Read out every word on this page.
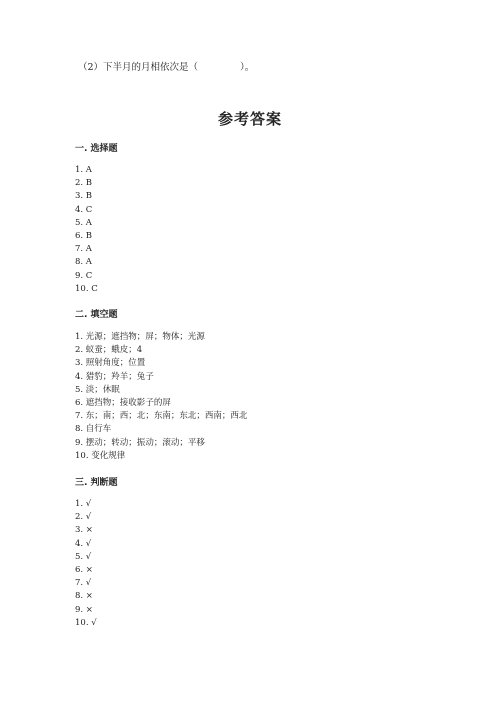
（2）下半月的月相依次是（	）。
参考答案
一. 选择题
1. A
2. B
3. B
4. C
5. A
6. B
7. A
8. A
9. C
10. C
二. 填空题
1. 光源；遮挡物；屏；物体；光源
2. 蚁蚕；蛾皮；4
3. 照射角度；位置
4. 猎豹；羚羊；兔子
5. 淡；休眠
6. 遮挡物；接收影子的屏
7. 东；南；西；北；东南；东北；西南；西北
8. 自行车
9. 摆动；转动；振动；滚动；平移
10. 变化规律
三. 判断题
1. √
2. √
3. ×
4. √
5. √
6. ×
7. √
8. ×
9. ×
10. √
